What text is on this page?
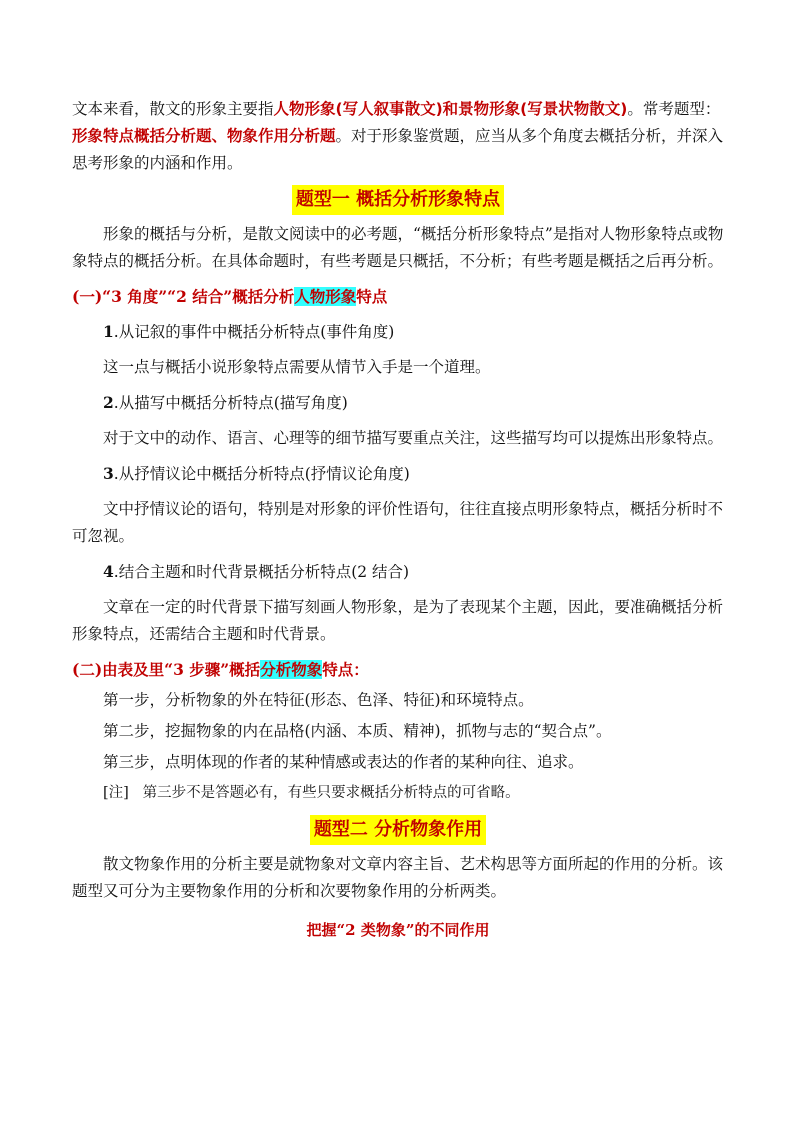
文本来看，散文的形象主要指人物形象(写人叙事散文)和景物形象(写景状物散文)。常考题型：形象特点概括分析题、物象作用分析题。对于形象鉴赏题，应当从多个角度去概括分析，并深入思考形象的内涵和作用。

题型一 概括分析形象特点

形象的概括与分析，是散文阅读中的必考题，“概括分析形象特点”是指对人物形象特点或物象特点的概括分析。在具体命题时，有些考题是只概括，不分析；有些考题是概括之后再分析。

(一)“3 角度”“2 结合”概括分析人物形象特点

1.从记叙的事件中概括分析特点(事件角度)

这一点与概括小说形象特点需要从情节入手是一个道理。

2.从描写中概括分析特点(描写角度)

对于文中的动作、语言、心理等的细节描写要重点关注，这些描写均可以提炼出形象特点。

3.从抒情议论中概括分析特点(抒情议论角度)

文中抒情议论的语句，特别是对形象的评价性语句，往往直接点明形象特点，概括分析时不可忽视。

4.结合主题和时代背景概括分析特点(2 结合)

文章在一定的时代背景下描写刻画人物形象，是为了表现某个主题，因此，要准确概括分析形象特点，还需结合主题和时代背景。

(二)由表及里“3 步骤”概括分析物象特点：

第一步，分析物象的外在特征(形态、色泽、特征)和环境特点。

第二步，挖掘物象的内在品格(内涵、本质、精神)，抓物与志的“契合点”。

第三步，点明体现的作者的某种情感或表达的作者的某种向往、追求。

[注] 第三步不是答题必有，有些只要求概括分析特点的可省略。

题型二 分析物象作用

散文物象作用的分析主要是就物象对文章内容主旨、艺术构思等方面所起的作用的分析。该题型又可分为主要物象作用的分析和次要物象作用的分析两类。

把握“2 类物象”的不同作用
